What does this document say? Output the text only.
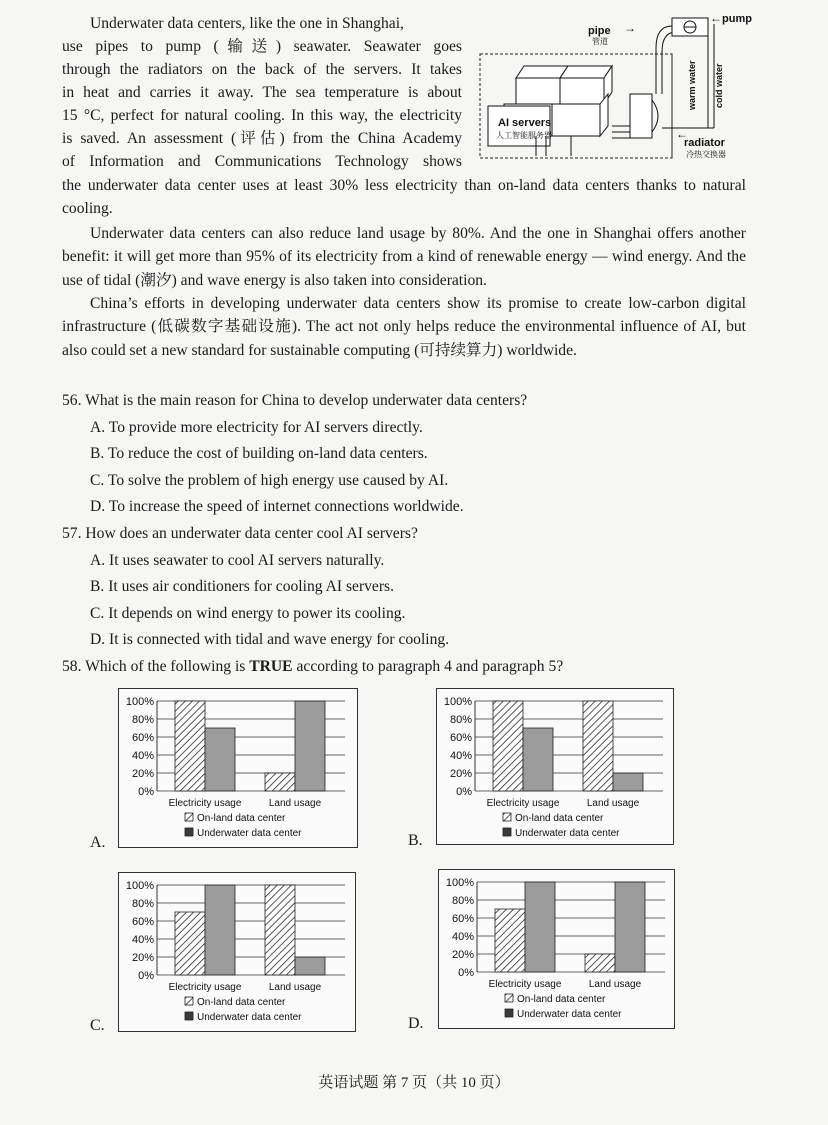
Underwater data centers, like the one in Shanghai,

use pipes to pump (输送) seawater. Seawater goes

through the radiators on the back of the servers. It takes

in heat and carries it away. The sea temperature is about

15 °C, perfect for natural cooling. In this way, the electricity

is saved. An assessment (评估) from the China Academy

of Information and Communications Technology shows

the underwater data center uses at least 30% less electricity than on-land data centers thanks to natural cooling.

AI servers
人工智能服务器
pipe
管道
→
← pump
warm water cold water
←
radiator
冷热交换器

Underwater data centers can also reduce land usage by 80%. And the one in Shanghai offers another benefit: it will get more than 95% of its electricity from a kind of renewable energy — wind energy. And the use of tidal (潮汐) and wave energy is also taken into consideration.

China’s efforts in developing underwater data centers show its promise to create low-carbon digital infrastructure (低碳数字基础设施). The act not only helps reduce the environmental influence of AI, but also could set a new standard for sustainable computing (可持续算力) worldwide.

56. What is the main reason for China to develop underwater data centers?

A. To provide more electricity for AI servers directly.

B. To reduce the cost of building on-land data centers.

C. To solve the problem of high energy use caused by AI.

D. To increase the speed of internet connections worldwide.

57. How does an underwater data center cool AI servers?

A. It uses seawater to cool AI servers naturally.

B. It uses air conditioners for cooling AI servers.

C. It depends on wind energy to power its cooling.

D. It is connected with tidal and wave energy for cooling.

58. Which of the following is TRUE according to paragraph 4 and paragraph 5?

100%
80%
60%
40%
20%
0%
Electricity usage	Land usage
On-land data center
Underwater data center
A.
100%
80%
60%
40%
20%
0%
Electricity usage	Land usage
On-land data center
Underwater data center
B.
100%
80%
60%
40%
20%
0%
Electricity usage	Land usage
On-land data center
Underwater data center
C.
100%
80%
60%
40%
20%
0%
Electricity usage	Land usage
On-land data center
Underwater data center
D.
英语试题 第 7 页（共 10 页）
